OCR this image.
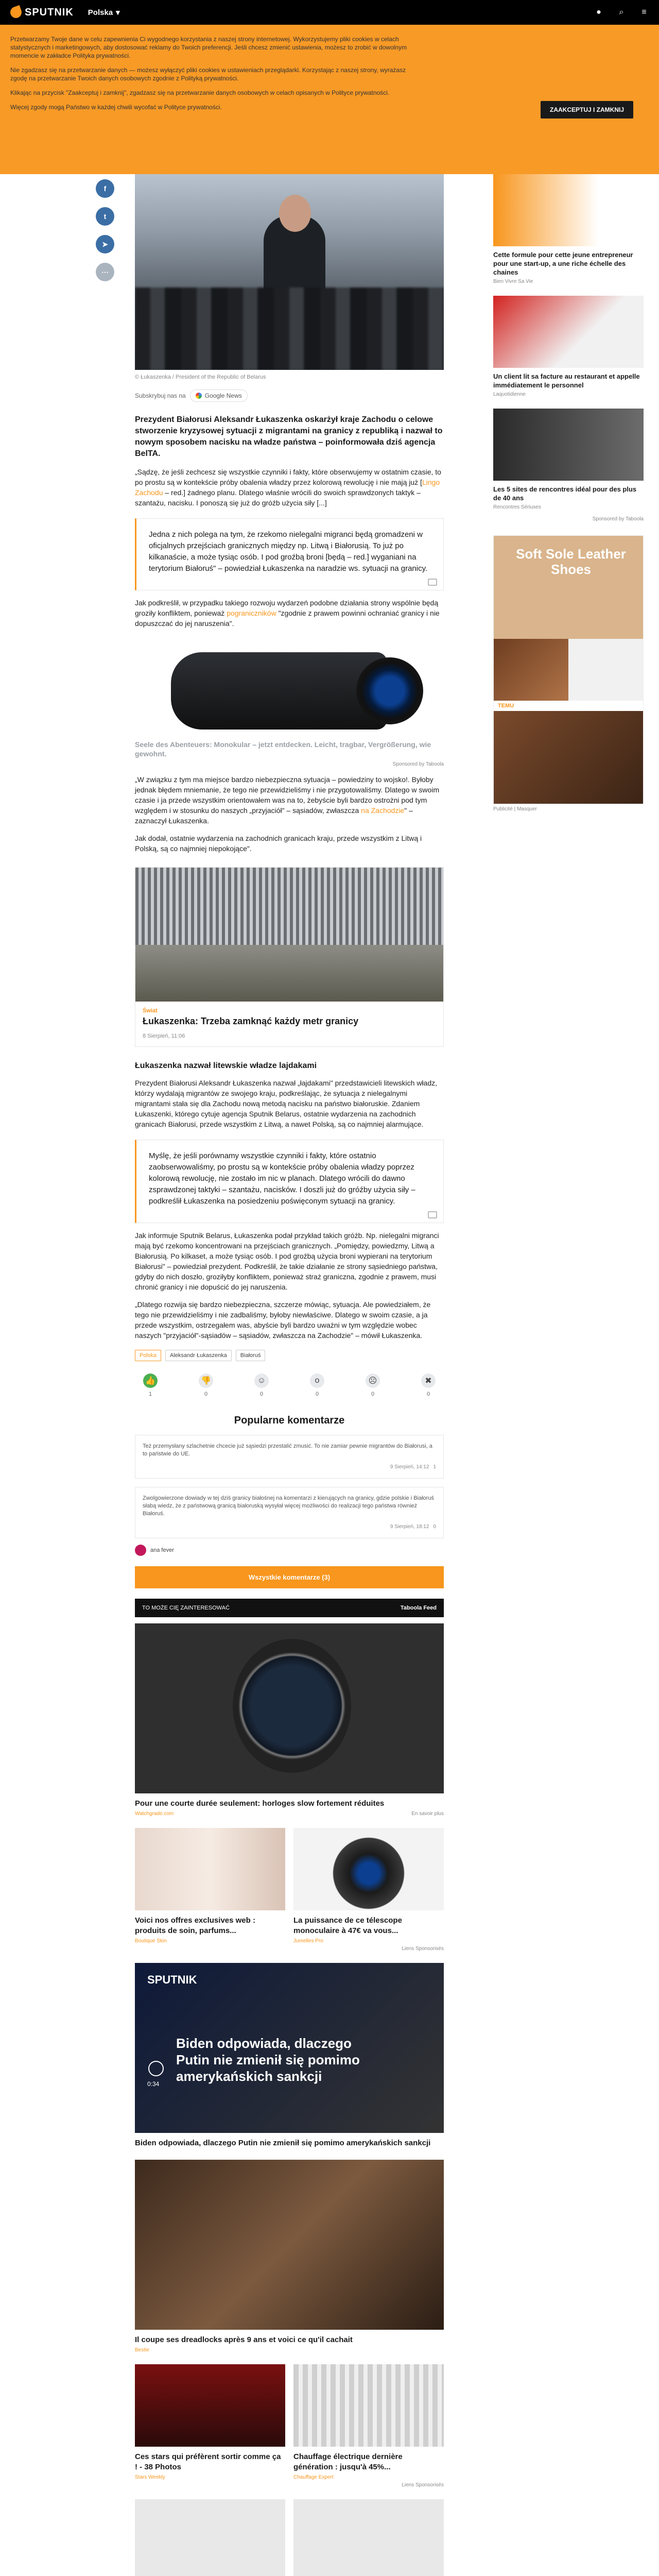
SPUTNIK Polska ▾	● ⌕ ≡

Przetwarzamy Twoje dane w celu zapewnienia Ci wygodnego korzystania z naszej strony internetowej. Wykorzystujemy pliki cookies w celach statystycznych i marketingowych, aby dostosować reklamy do Twoich preferencji. Jeśli chcesz zmienić ustawienia, możesz to zrobić w dowolnym momencie w zakładce Polityka prywatności.

Nie zgadzasz się na przetwarzanie danych — możesz wyłączyć pliki cookies w ustawieniach przeglądarki. Korzystając z naszej strony, wyrażasz zgodę na przetwarzanie Twoich danych osobowych zgodnie z Polityką prywatności.

Klikając na przycisk "Zaakceptuj i zamknij", zgadzasz się na przetwarzanie danych osobowych w celach opisanych w Polityce prywatności.

Więcej zgody mogą Państwo w każdej chwili wycofać w Polityce prywatności.	ZAAKCEPTUJ I ZAMKNIJ
f
t
➤
⋯
© Łukaszenka / President of the Republic of Belarus
Subskrybuj nas na	Google News
Prezydent Białorusi Aleksandr Łukaszenka oskarżył kraje Zachodu o celowe stworzenie kryzysowej sytuacji z migrantami na granicy z republiką i nazwał to nowym sposobem nacisku na władze państwa – poinformowała dziś agencja BelTA.
„Sądzę, że jeśli zechcesz się wszystkie czynniki i fakty, które obserwujemy w ostatnim czasie, to po prostu są w kontekście próby obalenia władzy przez kolorową rewolucję i nie mają już [Lingo Zachodu – red.] żadnego planu. Dlatego właśnie wrócili do swoich sprawdzonych taktyk – szantażu, nacisku. I ponoszą się już do gróźb użycia siły [...]
Jedna z nich polega na tym, że rzekomo nielegalni migranci będą gromadzeni w oficjalnych przejściach granicznych między np. Litwą i Białorusią. To już po kilkanaście, a może tysiąc osób. I pod groźbą broni [będą – red.] wyganiani na terytorium Białoruś" – powiedział Łukaszenka na naradzie ws. sytuacji na granicy.
Jak podkreślił, w przypadku takiego rozwoju wydarzeń podobne działania strony wspólnie będą groziły konfliktem, ponieważ pograniczników "zgodnie z prawem powinni ochraniać granicy i nie dopuszczać do jej naruszenia".
Seele des Abenteuers: Monokular – jetzt entdecken. Leicht, tragbar, Vergrößerung, wie gewohnt.
Sponsored by Taboola
„W związku z tym ma miejsce bardzo niebezpieczna sytuacja – powiedziny to wojsko!. Byłoby jednak błędem mniemanie, że tego nie przewidzieliśmy i nie przygotowaliśmy. Dlatego w swoim czasie i ja przede wszystkim orientowałem was na to, żebyście byli bardzo ostrożni pod tym względem i w stosunku do naszych „przyjaciół" – sąsiadów, zwłaszcza na Zachodzie" – zaznaczył Łukaszenka.
Jak dodał, ostatnie wydarzenia na zachodnich granicach kraju, przede wszystkim z Litwą i Polską, są co najmniej niepokojące".
Świat
Łukaszenka: Trzeba zamknąć każdy metr granicy
8 Sierpień, 11:06
Łukaszenka nazwał litewskie władze lajdakami
Prezydent Białorusi Aleksandr Łukaszenka nazwał „łajdakami" przedstawicieli litewskich władz, którzy wydalają migrantów ze swojego kraju, podkreślając, że sytuacja z nielegalnymi migrantami stała się dla Zachodu nową metodą nacisku na państwo białoruskie. Zdaniem Łukaszenki, którego cytuje agencja Sputnik Belarus, ostatnie wydarzenia na zachodnich granicach Białorusi, przede wszystkim z Litwą, a nawet Polską, są co najmniej alarmujące.
Myślę, że jeśli porównamy wszystkie czynniki i fakty, które ostatnio zaobserwowaliśmy, po prostu są w kontekście próby obalenia władzy poprzez kolorową rewolucję, nie zostało im nic w planach. Dlatego wrócili do dawno zsprawdzonej taktyki – szantażu, nacisków. I doszli już do gróźby użycia siły – podkreślił Łukaszenka na posiedzeniu poświęconym sytuacji na granicy.
Jak informuje Sputnik Belarus, Łukaszenka podał przykład takich gróźb. Np. nielegalni migranci mają być rzekomo koncentrowani na przejściach granicznych. „Pomiędzy, powiedzmy, Litwą a Białorusią. Po kilkaset, a może tysiąc osób. I pod groźbą użycia broni wypierani na terytorium Białorusi" – powiedział prezydent. Podkreślił, że takie działanie ze strony sąsiedniego państwa, gdyby do nich doszło, groziłyby konfliktem, ponieważ straż graniczna, zgodnie z prawem, musi chronić granicy i nie dopuścić do jej naruszenia.
„Dlatego rozwija się bardzo niebezpieczna, szczerze mówiąc, sytuacja. Ale powiedziałem, że tego nie przewidzieliśmy i nie zadbaliśmy, byłoby niewłaściwe. Dlatego w swoim czasie, a ja przede wszystkim, ostrzegałem was, abyście byli bardzo uważni w tym względzie wobec naszych "przyjaciół"-sąsiadów – sąsiadów, zwłaszcza na Zachodzie" – mówił Łukaszenka.
Polska	Aleksandr Łukaszenka	Białoruś
👍
1
👎
0
☺
0
o
0
☹
0
✖
0
Popularne komentarze
Też przemysłany szlachetnie chcecie już sąsiedzi przestalić zmusić. To nie zamiar pewnie migrantów do Białorusi, a to państwie do UE.
9 Sierpień, 14:12 1
Zwolgowierzone dowiady w tej dziś granicy białośnej na komentarzi z kierujących na granicy, gdzie polskie i Białoruś słabą wiedz, że z państwową granicą białoruską wysyłał więcej możliwości do realizacji tego państwa również Białoruś.
9 Sierpień, 18:12 0
ana fever
Wszystkie komentarze (3)
TO MOŻE CIĘ ZAINTERESOWAĆ	Taboola Feed
Pour une courte durée seulement: horloges slow fortement réduites
Watchgrade.com	En savoir plus
Voici nos offres exclusives web : produits de soin, parfums...
Boutique Skin
La puissance de ce télescope monoculaire à 47€ va vous...
Jumelles Pro
Liens Sponsorisés
SPUTNIK
Biden odpowiada, dlaczego Putin nie zmienił się pomimo amerykańskich sankcji
0:34
Biden odpowiada, dlaczego Putin nie zmienił się pomimo amerykańskich sankcji
Il coupe ses dreadlocks après 9 ans et voici ce qu'il cachait
Bestie
Ces stars qui préfèrent sortir comme ça ! - 38 Photos
Stars Weekly
Chauffage électrique dernière génération : jusqu'à 45%...
Chauffage Expert
Liens Sponsorisés
Cette formule pour cette jeune entrepreneur pour une start-up, a une riche échelle des chaines
Bien Vivre Sa Vie
Un client lit sa facture au restaurant et appelle immédiatement le personnel
Laquotidienne
Les 5 sites de rencontres idéal pour des plus de 40 ans
Rencontres Sériuses
Sponsored by Taboola
Soft Sole Leather Shoes
TEMU
Publicité | Masquer
